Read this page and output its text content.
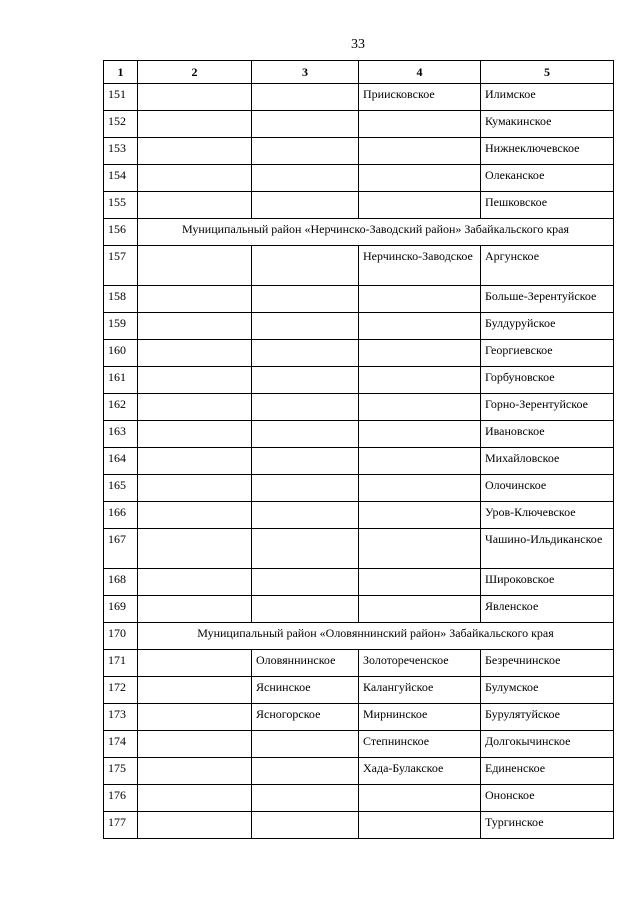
33
1	2	3	4	5
151			Приисковское	Илимское
152				Кумакинское
153				Нижнеключевское
154				Олеканское
155				Пешковское
156	Муниципальный район «Нерчинско-Заводский район» Забайкальского края			
157			Нерчинско-Заводское	Аргунское
158				Больше-Зерентуйское
159				Булдуруйское
160				Георгиевское
161				Горбуновское
162				Горно-Зерентуйское
163				Ивановское
164				Михайловское
165				Олочинское
166				Уров-Ключевское
167				Чашино-Ильдиканское
168				Широковское
169				Явленское
170	Муниципальный район «Оловяннинский район» Забайкальского края			
171		Оловяннинское	Золотореченское	Безречнинское
172		Яснинское	Калангуйское	Булумское
173		Ясногорское	Мирнинское	Бурулятуйское
174			Степнинское	Долгокычинское
175			Хада-Булакское	Единенское
176				Ононское
177				Тургинское
